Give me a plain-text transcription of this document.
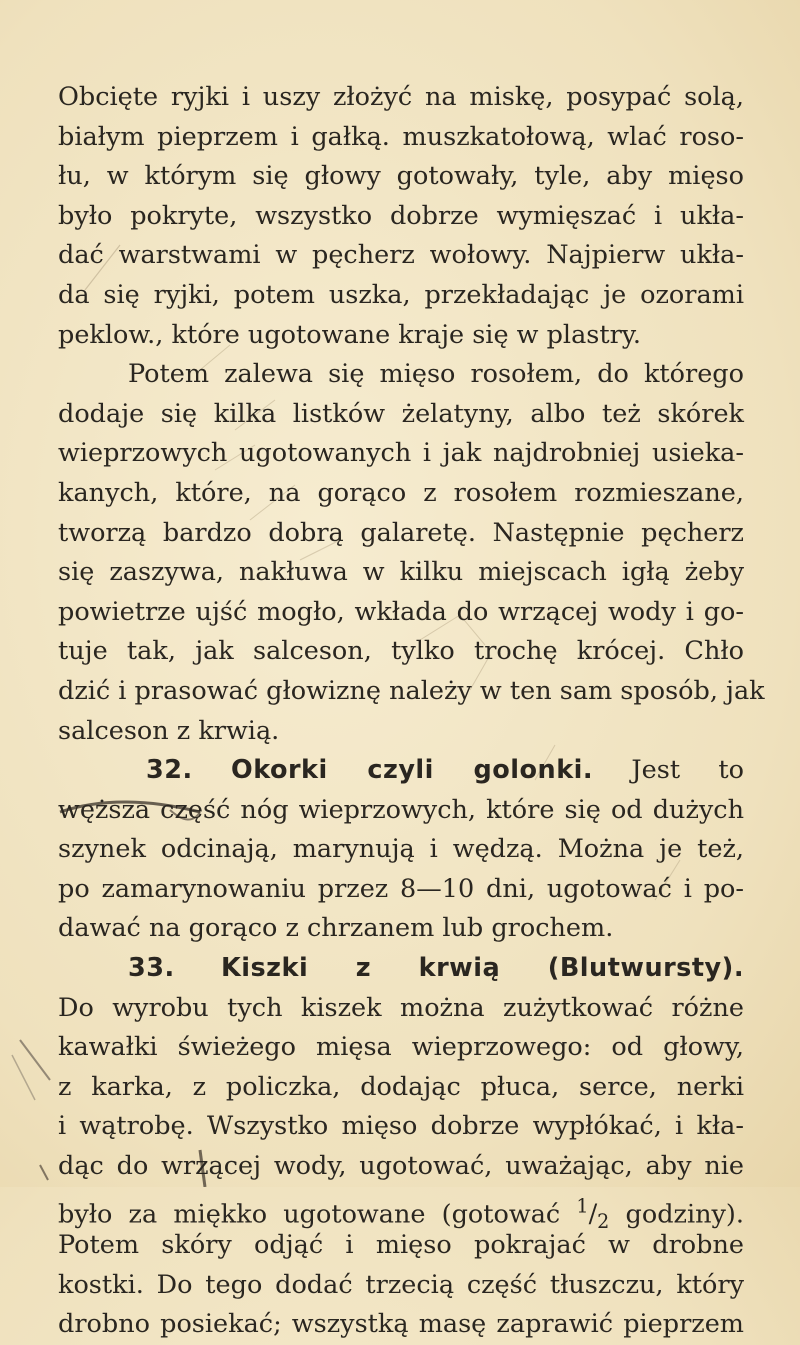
Obcięte ryjki i uszy złożyć na miskę, posypać solą,
białym pieprzem i gałką. muszkatołową, wlać roso-
łu, w którym się głowy gotowały, tyle, aby mięso
było pokryte, wszystko dobrze wymięszać i ukła-
dać warstwami w pęcherz wołowy. Najpierw ukła-
da się ryjki, potem uszka, przekładając je ozorami
peklow., które ugotowane kraje się w plastry.
Potem zalewa się mięso rosołem, do którego
dodaje się kilka listków żelatyny, albo też skórek
wieprzowych ugotowanych i jak najdrobniej usieka-
kanych, które, na gorąco z rosołem rozmieszane,
tworzą bardzo dobrą galaretę. Następnie pęcherz
się zaszywa, nakłuwa w kilku miejscach igłą żeby
powietrze ujść mogło, wkłada do wrzącej wody i go-
tuje tak, jak salceson, tylko trochę krócej. Chło
dzić i prasować głowiznę należy w ten sam sposób, jak
salceson z krwią.
32. Okorki czyli golonki. Jest to
węższa część nóg wieprzowych, które się od dużych
szynek odcinają, marynują i wędzą. Można je też,
po zamarynowaniu przez 8—10 dni, ugotować i po-
dawać na gorąco z chrzanem lub grochem.
33. Kiszki z krwią (Blutwursty).
Do wyrobu tych kiszek można zużytkować różne
kawałki świeżego mięsa wieprzowego: od głowy,
z karka, z policzka, dodając płuca, serce, nerki
i wątrobę. Wszystko mięso dobrze wypłókać, i kła-
dąc do wrzącej wody, ugotować, uważając, aby nie
było za miękko ugotowane (gotować $^1/_2$ godziny).
Potem skóry odjąć i mięso pokrajać w drobne
kostki. Do tego dodać trzecią część tłuszczu, który
drobno posiekać; wszystką masę zaprawić pieprzem
